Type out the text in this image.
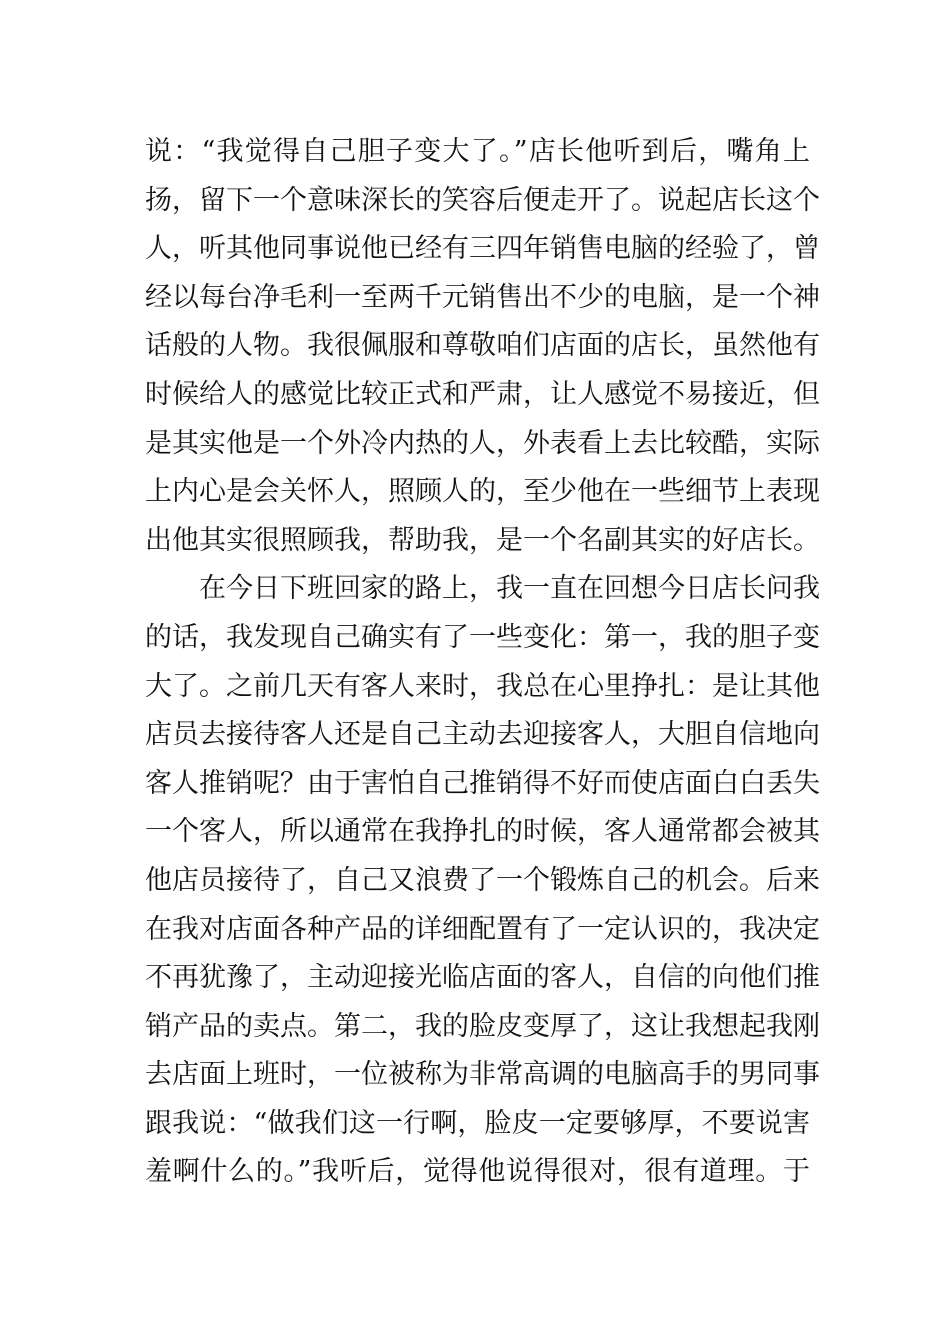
说：“我觉得自己胆子变大了。”店长他听到后，嘴角上
扬，留下一个意味深长的笑容后便走开了。说起店长这个
人，听其他同事说他已经有三四年销售电脑的经验了，曾
经以每台净毛利一至两千元销售出不少的电脑，是一个神
话般的人物。我很佩服和尊敬咱们店面的店长，虽然他有
时候给人的感觉比较正式和严肃，让人感觉不易接近，但
是其实他是一个外冷内热的人，外表看上去比较酷，实际
上内心是会关怀人，照顾人的，至少他在一些细节上表现
出他其实很照顾我，帮助我，是一个名副其实的好店长。
在今日下班回家的路上，我一直在回想今日店长问我
的话，我发现自己确实有了一些变化：第一，我的胆子变
大了。之前几天有客人来时，我总在心里挣扎：是让其他
店员去接待客人还是自己主动去迎接客人，大胆自信地向
客人推销呢？由于害怕自己推销得不好而使店面白白丢失
一个客人，所以通常在我挣扎的时候，客人通常都会被其
他店员接待了，自己又浪费了一个锻炼自己的机会。后来
在我对店面各种产品的详细配置有了一定认识的，我决定
不再犹豫了，主动迎接光临店面的客人，自信的向他们推
销产品的卖点。第二，我的脸皮变厚了，这让我想起我刚
去店面上班时，一位被称为非常高调的电脑高手的男同事
跟我说：“做我们这一行啊，脸皮一定要够厚，不要说害
羞啊什么的。”我听后，觉得他说得很对，很有道理。于
